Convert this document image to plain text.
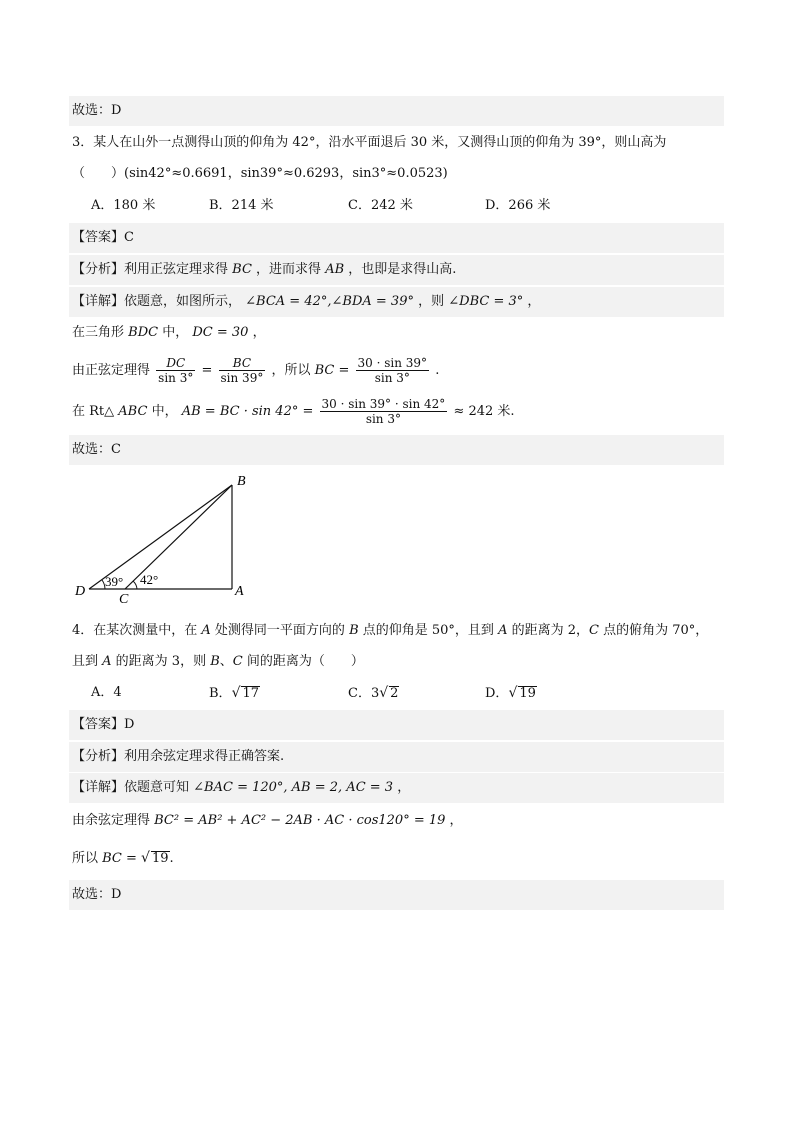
故选：D
3．某人在山外一点测得山顶的仰角为 42°，沿水平面退后 30 米，又测得山顶的仰角为 39°，则山高为
（　　）(sin42°≈0.6691，sin39°≈0.6293，sin3°≈0.0523)
A．180 米	B．214 米	C．242 米	D．266 米
【答案】C
【分析】利用正弦定理求得 BC ，进而求得 AB ，也即是求得山高.
【详解】依题意，如图所示， ∠BCA = 42°,∠BDA = 39° ，则 ∠DBC = 3° ，
在三角形 BDC 中， DC = 30 ，
由正弦定理得 $\frac{DC}{\sin 3^\circ} = \frac{BC}{\sin 39^\circ}$ ，所以 BC = $\frac{30 \cdot \sin 39^\circ}{\sin 3^\circ}$ .
在 Rt△ ABC 中， AB = BC · $\sin 42^\circ = \frac{30 \cdot \sin 39^\circ \cdot \sin 42^\circ}{\sin 3^\circ} \approx 242$ 米.
故选：C
B
D
C
A
39° 42°
4．在某次测量中，在 A 处测得同一平面方向的 B 点的仰角是 50°，且到 A 的距离为 2，C 点的俯角为 70°，
且到 A 的距离为 3，则 B、C 间的距离为（　　）
A．4	B．√ 17	C．3√ 2	D．√ 19
【答案】D
【分析】利用余弦定理求得正确答案.
【详解】依题意可知 ∠BAC = 120°, AB = 2, AC = 3 ，
由余弦定理得 BC² = AB² + AC² − 2AB · AC · cos120° = 19 ，
所以 BC = √ 19.
故选：D
